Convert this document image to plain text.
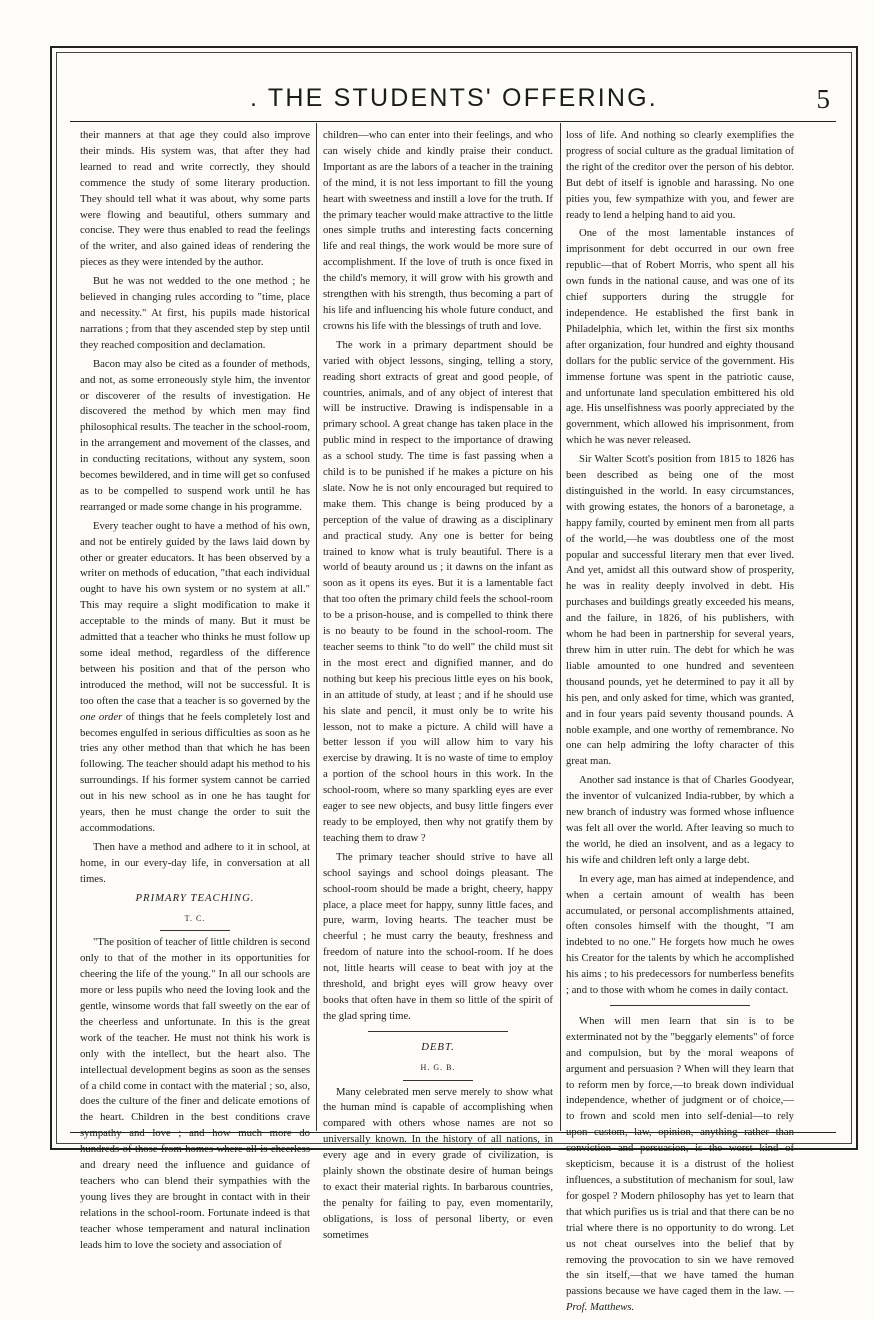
. THE STUDENTS' OFFERING.	5

their manners at that age they could also improve their minds. His system was, that after they had learned to read and write correctly, they should commence the study of some literary production. They should tell what it was about, why some parts were flowing and beautiful, others summary and concise. They were thus enabled to read the feelings of the writer, and also gained ideas of rendering the pieces as they were intended by the author.

But he was not wedded to the one method ; he believed in changing rules according to "time, place and necessity." At first, his pupils made historical narrations ; from that they ascended step by step until they reached composition and declamation.

Bacon may also be cited as a founder of methods, and not, as some erroneously style him, the inventor or discoverer of the results of investigation. He discovered the method by which men may find philosophical results. The teacher in the school-room, in the arrangement and movement of the classes, and in conducting recitations, without any system, soon becomes bewildered, and in time will get so confused as to be compelled to suspend work until he has rearranged or made some change in his programme.

Every teacher ought to have a method of his own, and not be entirely guided by the laws laid down by other or greater educators. It has been observed by a writer on methods of education, "that each individual ought to have his own system or no system at all." This may require a slight modification to make it acceptable to the minds of many. But it must be admitted that a teacher who thinks he must follow up some ideal method, regardless of the difference between his position and that of the person who introduced the method, will not be successful. It is too often the case that a teacher is so governed by the one order of things that he feels completely lost and becomes engulfed in serious difficulties as soon as he tries any other method than that which he has been following. The teacher should adapt his method to his surroundings. If his former system cannot be carried out in his new school as in one he has taught for years, then he must change the order to suit the accommodations.

Then have a method and adhere to it in school, at home, in our every-day life, in conversation at all times.

PRIMARY TEACHING.

T. C.

"The position of teacher of little children is second only to that of the mother in its opportunities for cheering the life of the young." In all our schools are more or less pupils who need the loving look and the gentle, winsome words that fall sweetly on the ear of the cheerless and unfortunate. In this is the great work of the teacher. He must not think his work is only with the intellect, but the heart also. The intellectual development begins as soon as the senses of a child come in contact with the material ; so, also, does the culture of the finer and delicate emotions of the heart. Children in the best conditions crave sympathy and love ; and how much more do hundreds of those from homes where all is cheerless and dreary need the influence and guidance of teachers who can blend their sympathies with the young lives they are brought in contact with in their relations in the school-room. Fortunate indeed is that teacher whose temperament and natural inclination leads him to love the society and association of

children—who can enter into their feelings, and who can wisely chide and kindly praise their conduct. Important as are the labors of a teacher in the training of the mind, it is not less important to fill the young heart with sweetness and instill a love for the truth. If the primary teacher would make attractive to the little ones simple truths and interesting facts concerning life and real things, the work would be more sure of accomplishment. If the love of truth is once fixed in the child's memory, it will grow with his growth and strengthen with his strength, thus becoming a part of his life and influencing his whole future conduct, and crowns his life with the blessings of truth and love.

The work in a primary department should be varied with object lessons, singing, telling a story, reading short extracts of great and good people, of countries, animals, and of any object of interest that will be instructive. Drawing is indispensable in a primary school. A great change has taken place in the public mind in respect to the importance of drawing as a school study. The time is fast passing when a child is to be punished if he makes a picture on his slate. Now he is not only encouraged but required to make them. This change is being produced by a perception of the value of drawing as a disciplinary and practical study. Any one is better for being trained to know what is truly beautiful. There is a world of beauty around us ; it dawns on the infant as soon as it opens its eyes. But it is a lamentable fact that too often the primary child feels the school-room to be a prison-house, and is compelled to think there is no beauty to be found in the school-room. The teacher seems to think "to do well" the child must sit in the most erect and dignified manner, and do nothing but keep his precious little eyes on his book, in an attitude of study, at least ; and if he should use his slate and pencil, it must only be to write his lesson, not to make a picture. A child will have a better lesson if you will allow him to vary his exercise by drawing. It is no waste of time to employ a portion of the school hours in this work. In the school-room, where so many sparkling eyes are ever eager to see new objects, and busy little fingers ever ready to be employed, then why not gratify them by teaching them to draw ?

The primary teacher should strive to have all school sayings and school doings pleasant. The school-room should be made a bright, cheery, happy place, a place meet for happy, sunny little faces, and pure, warm, loving hearts. The teacher must be cheerful ; he must carry the beauty, freshness and freedom of nature into the school-room. If he does not, little hearts will cease to beat with joy at the threshold, and bright eyes will grow heavy over books that often have in them so little of the spirit of the glad spring time.

DEBT.

H. G. B.

Many celebrated men serve merely to show what the human mind is capable of accomplishing when compared with others whose names are not so universally known. In the history of all nations, in every age and in every grade of civilization, is plainly shown the obstinate desire of human beings to exact their material rights. In barbarous countries, the penalty for failing to pay, even momentarily, obligations, is loss of personal liberty, or even sometimes

loss of life. And nothing so clearly exemplifies the progress of social culture as the gradual limitation of the right of the creditor over the person of his debtor. But debt of itself is ignoble and harassing. No one pities you, few sympathize with you, and fewer are ready to lend a helping hand to aid you.

One of the most lamentable instances of imprisonment for debt occurred in our own free republic—that of Robert Morris, who spent all his own funds in the national cause, and was one of its chief supporters during the struggle for independence. He established the first bank in Philadelphia, which let, within the first six months after organization, four hundred and eighty thousand dollars for the public service of the government. His immense fortune was spent in the patriotic cause, and unfortunate land speculation embittered his old age. His unselfishness was poorly appreciated by the government, which allowed his imprisonment, from which he was never released.

Sir Walter Scott's position from 1815 to 1826 has been described as being one of the most distinguished in the world. In easy circumstances, with growing estates, the honors of a baronetage, a happy family, courted by eminent men from all parts of the world,—he was doubtless one of the most popular and successful literary men that ever lived. And yet, amidst all this outward show of prosperity, he was in reality deeply involved in debt. His purchases and buildings greatly exceeded his means, and the failure, in 1826, of his publishers, with whom he had been in partnership for several years, threw him in utter ruin. The debt for which he was liable amounted to one hundred and seventeen thousand pounds, yet he determined to pay it all by his pen, and only asked for time, which was granted, and in four years paid seventy thousand pounds. A noble example, and one worthy of remembrance. No one can help admiring the lofty character of this great man.

Another sad instance is that of Charles Goodyear, the inventor of vulcanized India-rubber, by which a new branch of industry was formed whose influence was felt all over the world. After leaving so much to the world, he died an insolvent, and as a legacy to his wife and children left only a large debt.

In every age, man has aimed at independence, and when a certain amount of wealth has been accumulated, or personal accomplishments attained, often consoles himself with the thought, "I am indebted to no one." He forgets how much he owes his Creator for the talents by which he accomplished his aims ; to his predecessors for numberless benefits ; and to those with whom he comes in daily contact.

When will men learn that sin is to be exterminated not by the "beggarly elements" of force and compulsion, but by the moral weapons of argument and persuasion ? When will they learn that to reform men by force,—to break down individual independence, whether of judgment or of choice,—to frown and scold men into self-denial—to rely upon custom, law, opinion, anything rather than conviction and persuasion, is the worst kind of skepticism, because it is a distrust of the holiest influences, a substitution of mechanism for soul, law for gospel ? Modern philosophy has yet to learn that that which purifies us is trial and that there can be no trial where there is no opportunity to do wrong. Let us not cheat ourselves into the belief that by removing the provocation to sin we have removed the sin itself,—that we have tamed the human passions because we have caged them in the law. —Prof. Matthews.
